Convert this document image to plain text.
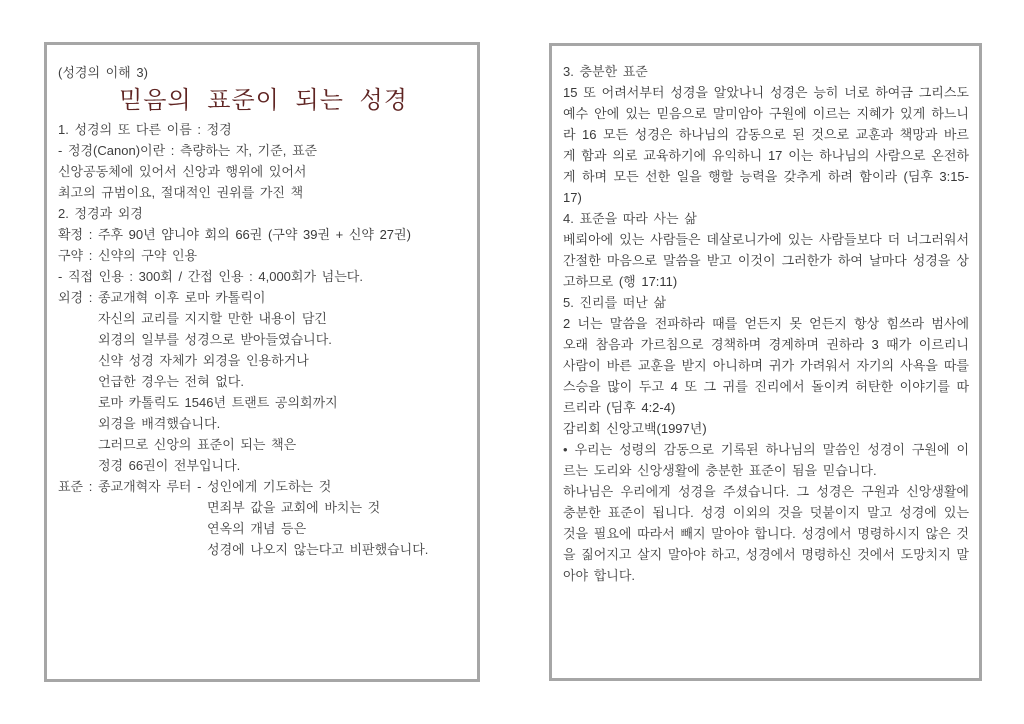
(성경의 이해 3)

믿음의 표준이 되는 성경

1. 성경의 또 다른 이름 : 정경

- 정경(Canon)이란 : 측량하는 자, 기준, 표준
신앙공동체에 있어서 신앙과 행위에 있어서
최고의 규범이요, 절대적인 권위를 가진 책

2. 정경과 외경

확정 : 주후 90년 얌니야 회의 66권 (구약 39권 + 신약 27권)

구약 : 신약의 구약 인용
- 직접 인용 : 300회 / 간접 인용 : 4,000회가 넘는다.
외경 : 종교개혁 이후 로마 카톨릭이
자신의 교리를 지지할 만한 내용이 담긴
외경의 일부를 성경으로 받아들였습니다.
신약 성경 자체가 외경을 인용하거나
언급한 경우는 전혀 없다.
로마 카톨릭도 1546년 트랜트 공의회까지
외경을 배격했습니다.
그러므로 신앙의 표준이 되는 책은
정경 66권이 전부입니다.
표준 : 종교개혁자 루터 - 성인에게 기도하는 것
면죄부 값을 교회에 바치는 것
연옥의 개념 등은
성경에 나오지 않는다고 비판했습니다.

3. 충분한 표준

15 또 어려서부터 성경을 알았나니 성경은 능히 너로 하여금 그리스도 예수 안에 있는 믿음으로 말미암아 구원에 이르는 지혜가 있게 하느니라 16 모든 성경은 하나님의 감동으로 된 것으로 교훈과 책망과 바르게 함과 의로 교육하기에 유익하니 17 이는 하나님의 사람으로 온전하게 하며 모든 선한 일을 행할 능력을 갖추게 하려 함이라 (딤후 3:15-17)

4. 표준을 따라 사는 삶

베뢰아에 있는 사람들은 데살로니가에 있는 사람들보다 더 너그러워서 간절한 마음으로 말씀을 받고 이것이 그러한가 하여 날마다 성경을 상고하므로 (행 17:11)

5. 진리를 떠난 삶

2 너는 말씀을 전파하라 때를 얻든지 못 얻든지 항상 힘쓰라 범사에 오래 참음과 가르침으로 경책하며 경계하며 권하라 3 때가 이르리니 사람이 바른 교훈을 받지 아니하며 귀가 가려워서 자기의 사욕을 따를 스승을 많이 두고 4 또 그 귀를 진리에서 돌이켜 허탄한 이야기를 따르리라 (딤후 4:2-4)

감리회 신앙고백(1997년)

• 우리는 성령의 감동으로 기록된 하나님의 말씀인 성경이 구원에 이르는 도리와 신앙생활에 충분한 표준이 됨을 믿습니다.

하나님은 우리에게 성경을 주셨습니다. 그 성경은 구원과 신앙생활에 충분한 표준이 됩니다. 성경 이외의 것을 덧붙이지 말고 성경에 있는 것을 필요에 따라서 빼지 말아야 합니다. 성경에서 명령하시지 않은 것을 짊어지고 살지 말아야 하고, 성경에서 명령하신 것에서 도망치지 말아야 합니다.
